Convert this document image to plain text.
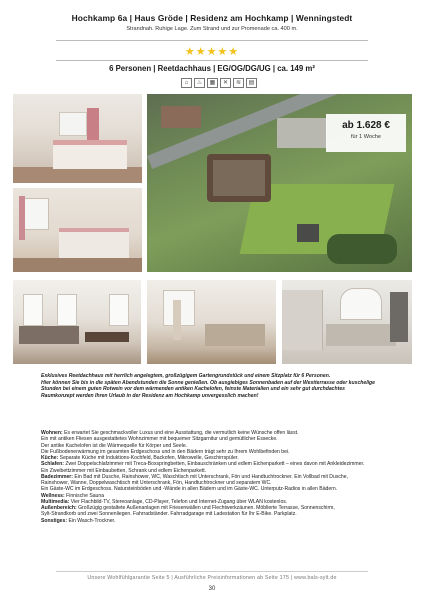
Hochkamp 6a | Haus Gröde | Residenz am Hochkamp | Wenningstedt
Strandnah. Ruhige Lage. Zum Strand und zur Promenade ca. 400 m.
★★★★★
6 Personen | Reetdachhaus | EG/OG/DG/UG | ca. 149 m²
⌂	♨	▦	✕	≋	▤
ab 1.628 €
für 1 Woche
Exklusives Reetdachhaus mit herrlich angelegtem, großzügigem Gartengrundstück und einem Sitzplatz für 6 Personen.
Hier können Sie bis in die späten Abendstunden die Sonne genießen. Ob ausgiebiges Sonnenbaden auf der Westterrasse oder kuschelige
Stunden bei einem guten Rotwein vor dem wärmenden antiken Kachelofen, feinste Materialien und ein sehr gut durchdachtes
Raumkonzept werden Ihren Urlaub in der Residenz am Hochkamp unvergesslich machen!
Wohnen: Es erwartet Sie geschmackvoller Luxus und eine Ausstattung, die vermutlich keine Wünsche offen lässt.
Ein mit antiken Fliesen ausgestattetes Wohnzimmer mit bequemer Sitzgarnitur und gemütlicher Essecke.
Der antike Kachelofen ist die Wärmequelle für Körper und Seele.
Die Fußbodenerwärmung im gesamten Erdgeschoss und in den Bädern trägt sehr zu Ihrem Wohlbefinden bei.
Küche: Separate Küche mit Induktions-Kochfeld, Backofen, Mikrowelle, Geschirrspüler.
Schlafen: Zwei Doppelschlafzimmer mit Treca-Boxspringbetten, Einbauschränken und edlem Eichenparkett – eines davon mit Ankleidezimmer.
Ein Zweibettzimmer mit Einbaubetten, Schrank und edlem Eichenparkett.
Badezimmer: Ein Bad mit Dusche, Rainshower, WC, Waschtisch mit Unterschrank, Fön und Handtuchtrockner. Ein Vollbad mit Dusche,
Rainshower, Wanne, Doppelwaschtisch mit Unterschrank, Fön, Handtuchtrockner und separatem WC.
Ein Gäste-WC im Erdgeschoss. Natursteinböden und -Wände in allen Bädern und im Gäste-WC. Unterputz-Radios in allen Bädern.
Wellness: Finnische Sauna
Multimedia: Vier Flachbild-TV, Stereoanlage, CD-Player, Telefon und Internet-Zugang über WLAN kostenlos.
Außenbereich: Großzügig gestaltete Außenanlagen mit Friesenwällen und Flechtwerkzäunen. Möblierte Terrasse, Sonnenschirm,
Sylt-Strandkorb und zwei Sonnenliegen. Fahrradständer. Fahrradgarage mit Ladestation für Ihr E-Bike. Parkplatz.
Sonstiges: Ein Wasch-Trockner.
Unsere Wohlfühlgarantie Seite 5 | Ausführliche Preisinformationen ab Seite 175 | www.bals-sylt.de
30
